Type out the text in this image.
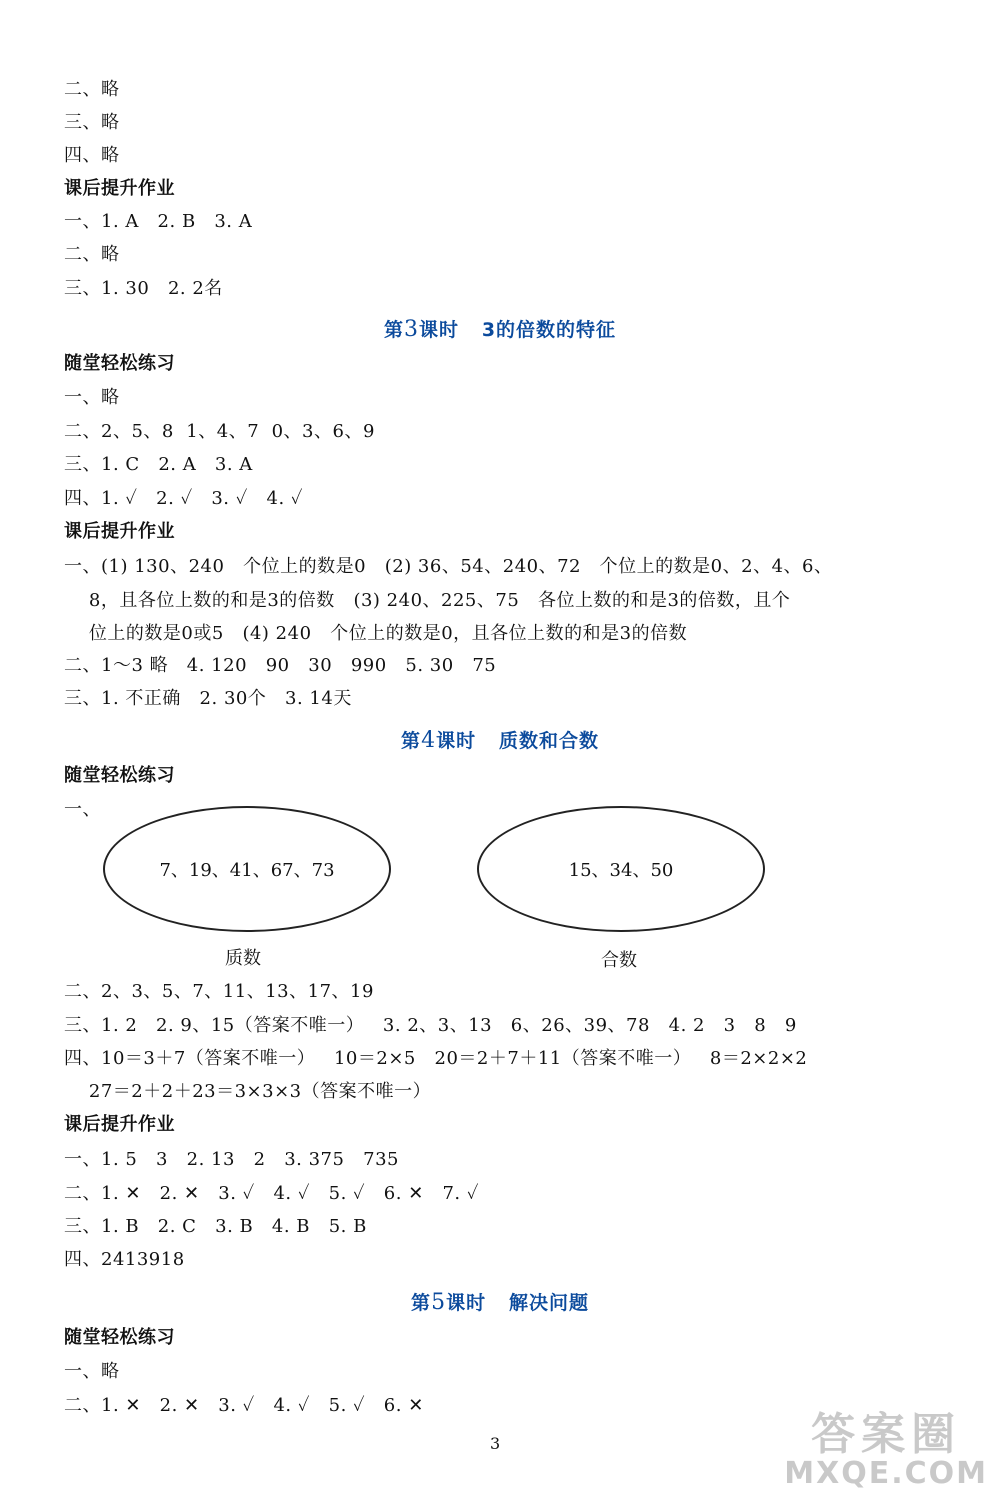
二、略
三、略
四、略
课后提升作业
一、1. A   2. B   3. A
二、略
三、1. 30   2. 2名
第3课时 3的倍数的特征
随堂轻松练习
一、略
二、2、5、8  1、4、7  0、3、6、9
三、1. C   2. A   3. A
四、1. ✓   2. ✓   3. ✓   4. ✓
课后提升作业
一、(1) 130、240   个位上的数是0   (2) 36、54、240、72   个位上的数是0、2、4、6、
8，且各位上数的和是3的倍数   (3) 240、225、75   各位上数的和是3的倍数，且个
位上的数是0或5   (4) 240   个位上的数是0，且各位上数的和是3的倍数
二、1～3 略   4. 120   90   30   990   5. 30   75
三、1. 不正确   2. 30个   3. 14天
第4课时 质数和合数
随堂轻松练习
一、
7、19、41、67、73
质数
15、34、50
合数
二、2、3、5、7、11、13、17、19
三、1. 2   2. 9、15（答案不唯一）   3. 2、3、13   6、26、39、78   4. 2   3   8   9
四、10＝3＋7（答案不唯一）   10＝2×5   20＝2＋7＋11（答案不唯一）   8＝2×2×2
27＝2＋2＋23＝3×3×3（答案不唯一）
课后提升作业
一、1. 5   3   2. 13   2   3. 375   735
二、1. ✕   2. ✕   3. ✓   4. ✓   5. ✓   6. ✕   7. ✓
三、1. B   2. C   3. B   4. B   5. B
四、2413918
第5课时 解决问题
随堂轻松练习
一、略
二、1. ✕   2. ✕   3. ✓   4. ✓   5. ✓   6. ✕
3	答案圈
MXQE.COM
